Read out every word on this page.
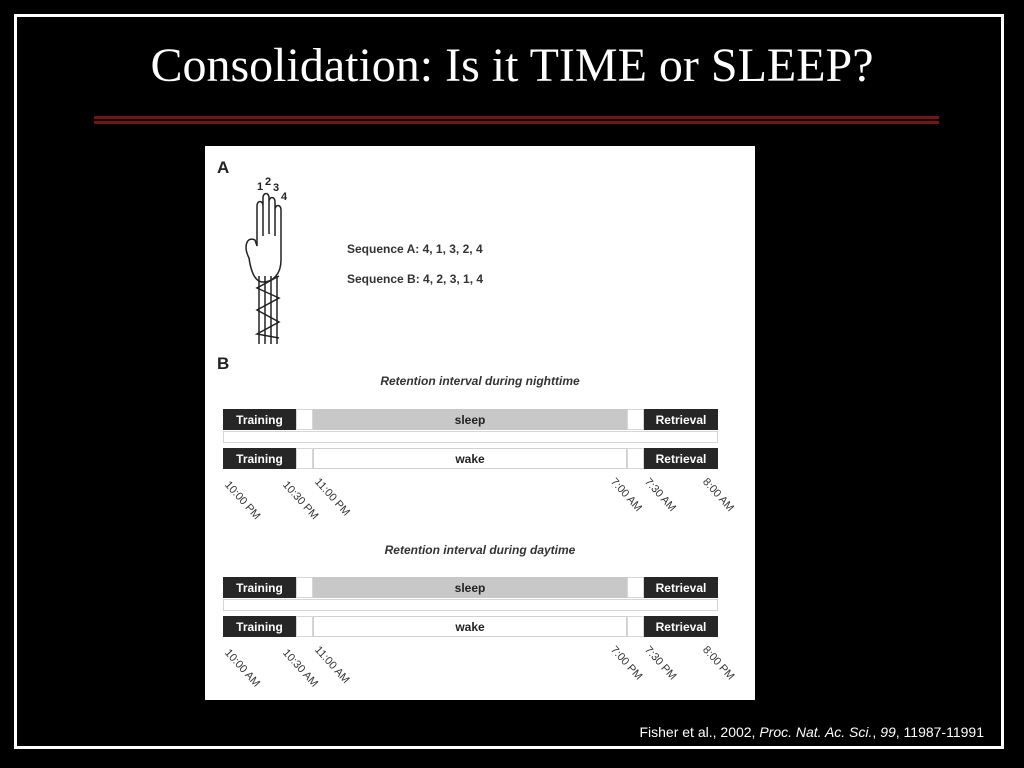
Consolidation: Is it TIME or SLEEP?
A
1 2 3
4
Sequence A: 4, 1, 3, 2, 4
Sequence B: 4, 2, 3, 1, 4
B
Retention interval during nighttime
Training	sleep	Retrieval
Training	wake	Retrieval
10:00 PM 10:30 PM
11:00 PM	7:00 AM
7:30 AM 8:00 AM
Retention interval during daytime
Training	sleep	Retrieval
Training	wake	Retrieval
10:00 AM 10:30 AM
11:00 AM	7:00 PM
7:30 PM 8:00 PM
Fisher et al., 2002, Proc. Nat. Ac. Sci., 99, 11987-11991
